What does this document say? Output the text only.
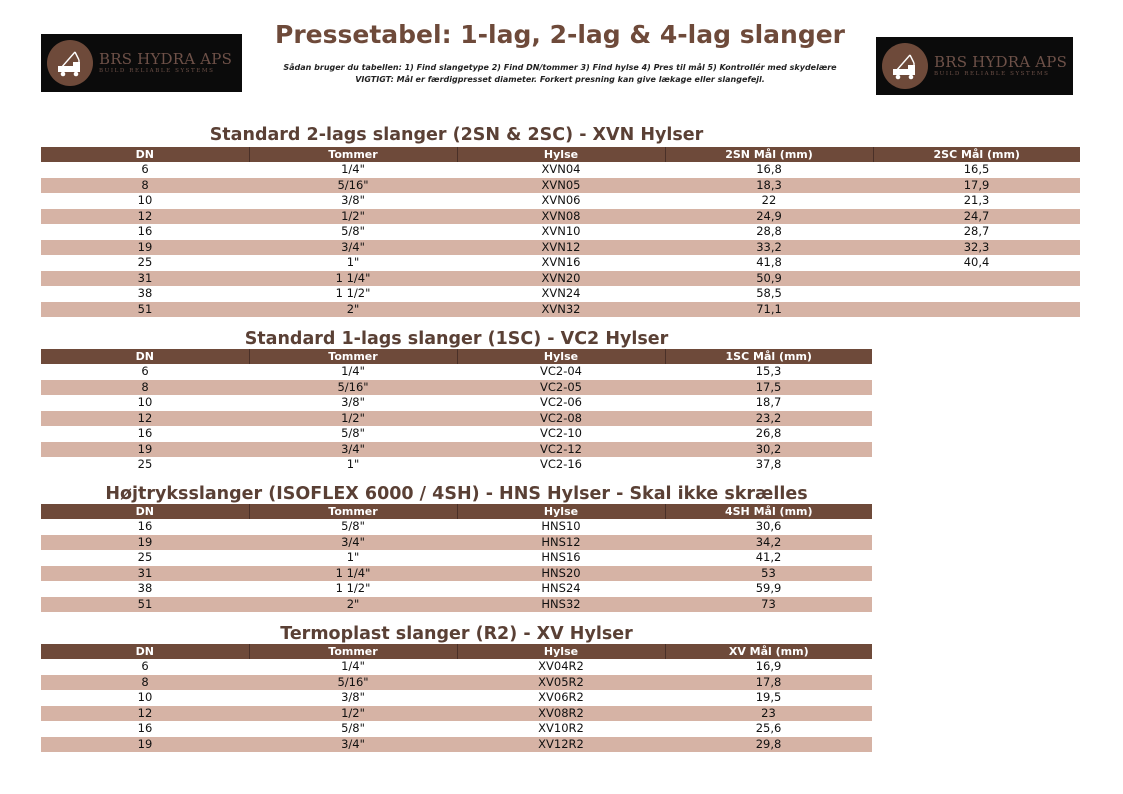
BRS HYDRA APS
BUILD RELIABLE SYSTEMS	BRS HYDRA APS
BUILD RELIABLE SYSTEMS
Pressetabel: 1-lag, 2-lag & 4-lag slanger
Sådan bruger du tabellen: 1) Find slangetype 2) Find DN/tommer 3) Find hylse 4) Pres til mål 5) Kontrollér med skydelære
VIGTIGT: Mål er færdigpresset diameter. Forkert presning kan give lækage eller slangefejl.
Standard 2-lags slanger (2SN & 2SC) - XVN Hylser
DN	Tommer	Hylse	2SN Mål (mm)	2SC Mål (mm)
6	1/4"	XVN04	16,8	16,5
8	5/16"	XVN05	18,3	17,9
10	3/8"	XVN06	22	21,3
12	1/2"	XVN08	24,9	24,7
16	5/8"	XVN10	28,8	28,7
19	3/4"	XVN12	33,2	32,3
25	1"	XVN16	41,8	40,4
31	1 1/4"	XVN20	50,9	
38	1 1/2"	XVN24	58,5	
51	2"	XVN32	71,1	
Standard 1-lags slanger (1SC) - VC2 Hylser
DN	Tommer	Hylse	1SC Mål (mm)
6	1/4"	VC2-04	15,3
8	5/16"	VC2-05	17,5
10	3/8"	VC2-06	18,7
12	1/2"	VC2-08	23,2
16	5/8"	VC2-10	26,8
19	3/4"	VC2-12	30,2
25	1"	VC2-16	37,8
Højtryksslanger (ISOFLEX 6000 / 4SH) - HNS Hylser - Skal ikke skrælles
DN	Tommer	Hylse	4SH Mål (mm)
16	5/8"	HNS10	30,6
19	3/4"	HNS12	34,2
25	1"	HNS16	41,2
31	1 1/4"	HNS20	53
38	1 1/2"	HNS24	59,9
51	2"	HNS32	73
Termoplast slanger (R2) - XV Hylser
DN	Tommer	Hylse	XV Mål (mm)
6	1/4"	XV04R2	16,9
8	5/16"	XV05R2	17,8
10	3/8"	XV06R2	19,5
12	1/2"	XV08R2	23
16	5/8"	XV10R2	25,6
19	3/4"	XV12R2	29,8
